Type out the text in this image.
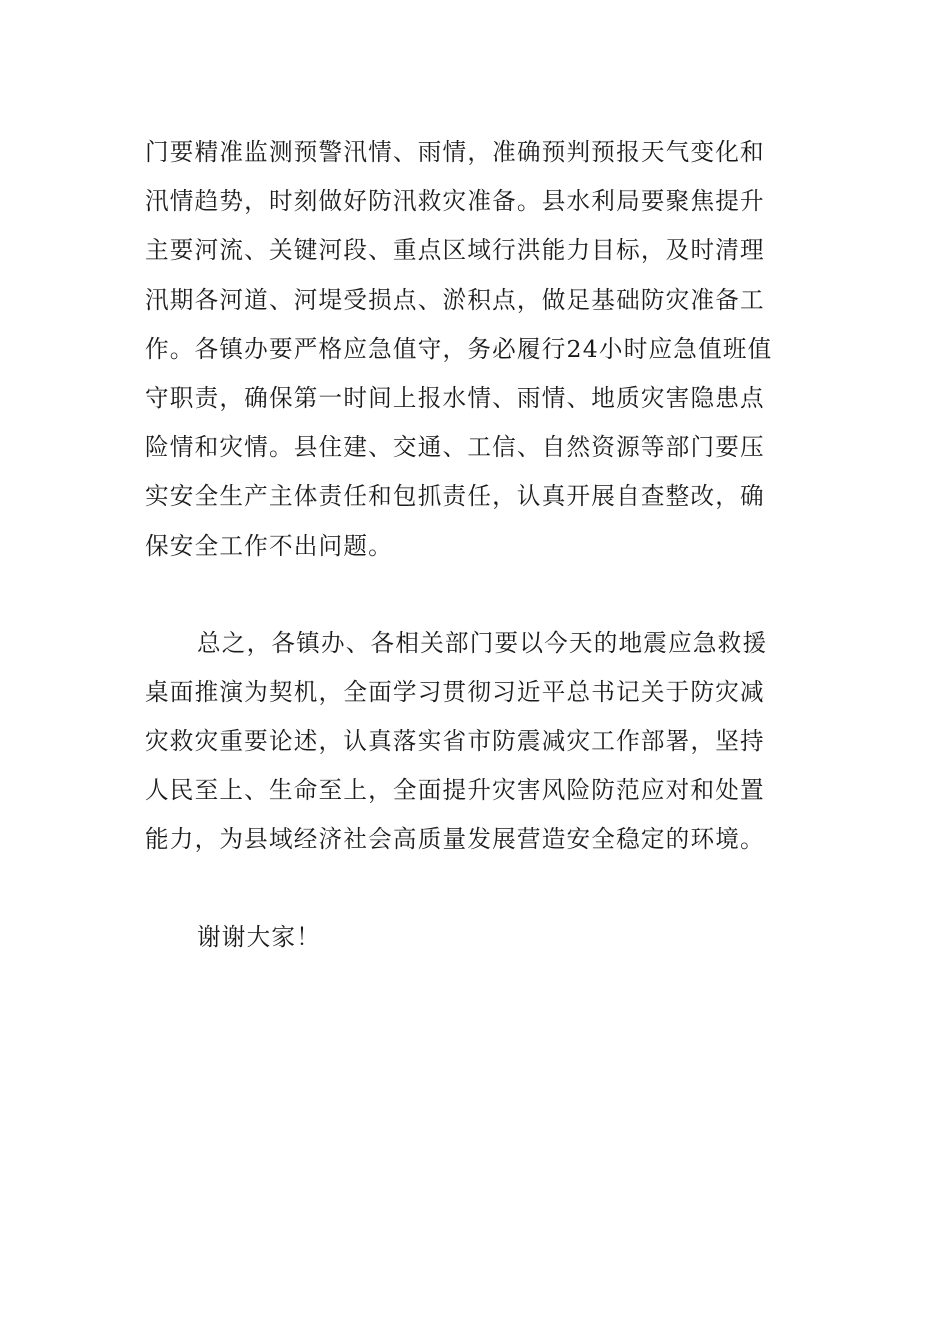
门要精准监测预警汛情、雨情，准确预判预报天气变化和
汛情趋势，时刻做好防汛救灾准备。县水利局要聚焦提升
主要河流、关键河段、重点区域行洪能力目标，及时清理
汛期各河道、河堤受损点、淤积点，做足基础防灾准备工
作。各镇办要严格应急值守，务必履行24小时应急值班值
守职责，确保第一时间上报水情、雨情、地质灾害隐患点
险情和灾情。县住建、交通、工信、自然资源等部门要压
实安全生产主体责任和包抓责任，认真开展自查整改，确
保安全工作不出问题。
总之，各镇办、各相关部门要以今天的地震应急救援
桌面推演为契机，全面学习贯彻习近平总书记关于防灾减
灾救灾重要论述，认真落实省市防震减灾工作部署，坚持
人民至上、生命至上，全面提升灾害风险防范应对和处置
能力，为县域经济社会高质量发展营造安全稳定的环境。
谢谢大家！
